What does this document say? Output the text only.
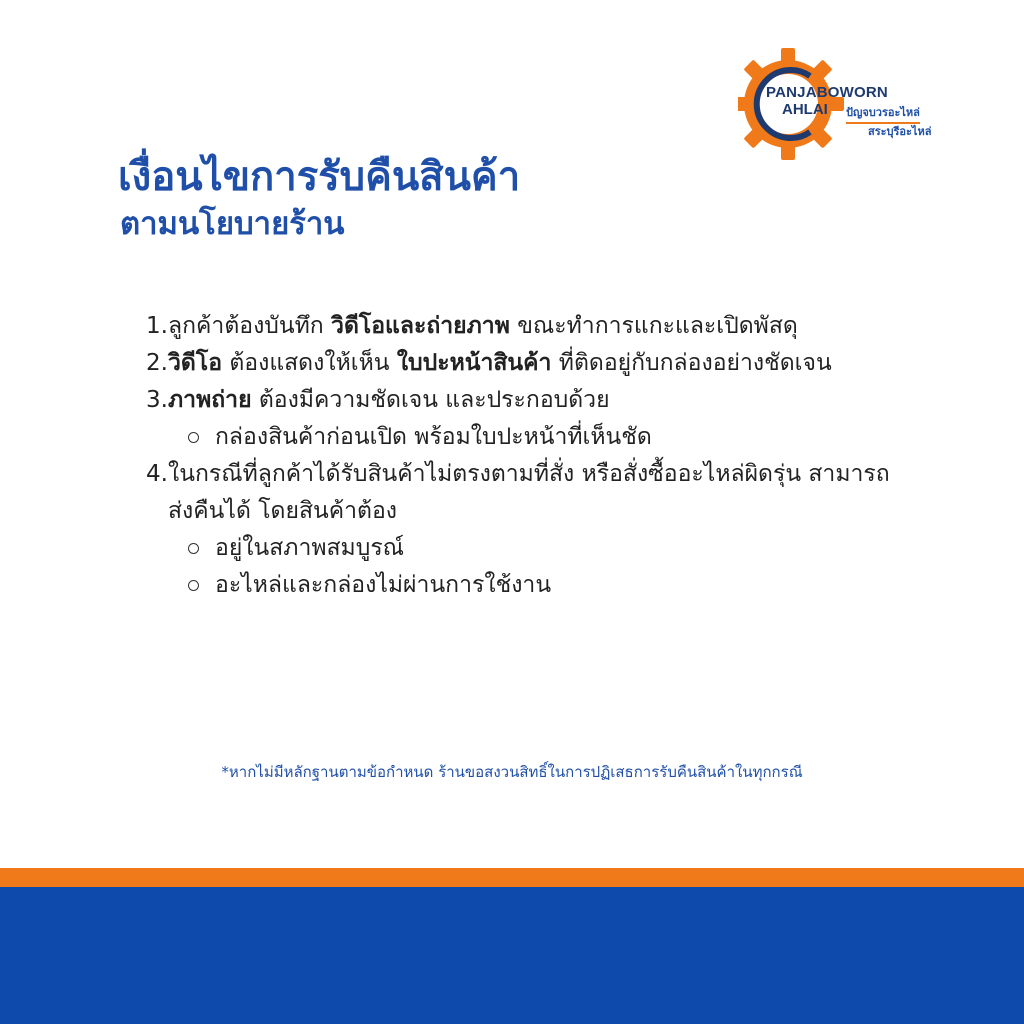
PANJABOWORN
AHLAI ปัญจบวรอะไหล่
สระบุรีอะไหล่
เงื่อนไขการรับคืนสินค้า
ตามนโยบายร้าน
1. ลูกค้าต้องบันทึก วิดีโอและถ่ายภาพ ขณะทำการแกะและเปิดพัสดุ
2. วิดีโอ ต้องแสดงให้เห็น ใบปะหน้าสินค้า ที่ติดอยู่กับกล่องอย่างชัดเจน
3. ภาพถ่าย ต้องมีความชัดเจน และประกอบด้วย
กล่องสินค้าก่อนเปิด พร้อมใบปะหน้าที่เห็นชัด
4. ในกรณีที่ลูกค้าได้รับสินค้าไม่ตรงตามที่สั่ง หรือสั่งซื้ออะไหล่ผิดรุ่น สามารถส่งคืนได้ โดยสินค้าต้อง
อยู่ในสภาพสมบูรณ์
อะไหล่และกล่องไม่ผ่านการใช้งาน
*หากไม่มีหลักฐานตามข้อกำหนด ร้านขอสงวนสิทธิ์ในการปฏิเสธการรับคืนสินค้าในทุกกรณี
